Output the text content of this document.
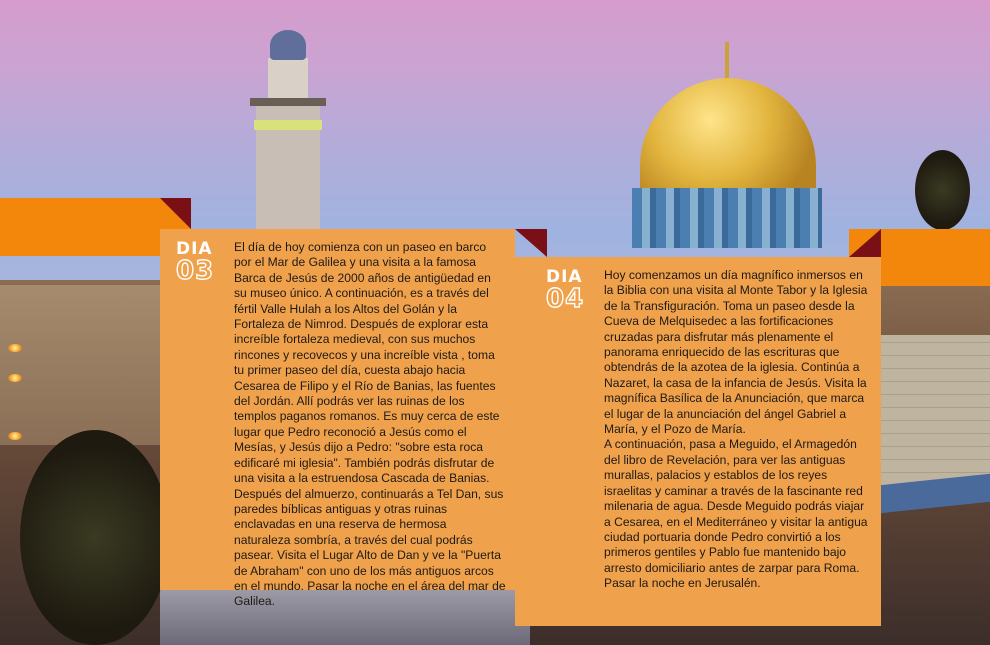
DIA
03
El día de hoy comienza con un paseo en barco por el Mar de Galilea y una visita a la famosa Barca de Jesús de 2000 años de antigüedad en su museo único. A continuación, es a través del fértil Valle Hulah a los Altos del Golán y la Fortaleza de Nimrod. Después de explorar esta increíble fortaleza medieval, con sus muchos rincones y recovecos y una increíble vista , toma tu primer paseo del día, cuesta abajo hacia Cesarea de Filipo y el Río de Banias, las fuentes del Jordán. Allí podrás ver las ruinas de los templos paganos romanos. Es muy cerca de este lugar que Pedro reconoció a Jesús como el Mesías, y Jesús dijo a Pedro: "sobre esta roca edificaré mi iglesia". También podrás disfrutar de una visita a la estruendosa Cascada de Banias. Después del almuerzo, continuarás a Tel Dan, sus paredes bíblicas antiguas y otras ruinas enclavadas en una reserva de hermosa naturaleza sombría, a través del cual podrás pasear. Visita el Lugar Alto de Dan y ve la "Puerta de Abraham" con uno de los más antiguos arcos en el mundo. Pasar la noche en el área del mar de Galilea.
DIA
04
Hoy comenzamos un día magnífico inmersos en la Biblia con una visita al Monte Tabor y la Iglesia de la Transfiguración. Toma un paseo desde la Cueva de Melquisedec a las fortificaciones cruzadas para disfrutar más plenamente el panorama enriquecido de las escrituras que obtendrás de la azotea de la iglesia. Continúa a Nazaret, la casa de la infancia de Jesús. Visita la magnífica Basílica de la Anunciación, que marca el lugar de la anunciación del ángel Gabriel a María, y el Pozo de María.
A continuación, pasa a Meguido, el Armagedón del libro de Revelación, para ver las antiguas murallas, palacios y establos de los reyes israelitas y caminar a través de la fascinante red milenaria de agua. Desde Meguido podrás viajar a Cesarea, en el Mediterráneo y visitar la antigua ciudad portuaria donde Pedro convirtió a los primeros gentiles y Pablo fue mantenido bajo arresto domiciliario antes de zarpar para Roma. Pasar la noche en Jerusalén.
